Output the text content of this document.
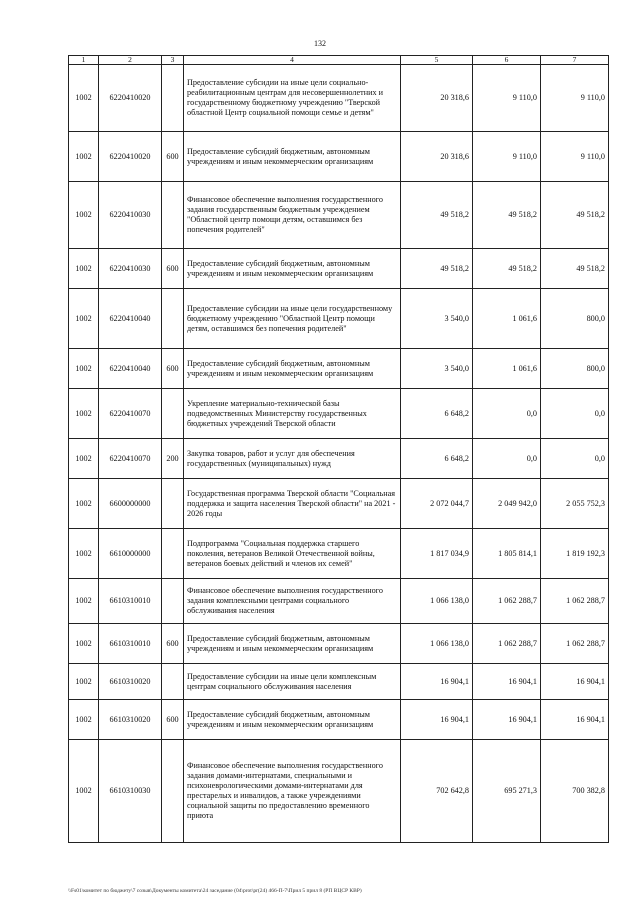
132
1	2	3	4	5	6	7
1002	6220410020		Предоставление субсидии на иные цели социально-реабилитационным центрам для несовершеннолетних и государственному бюджетному учреждению "Тверской областной Центр социальной помощи семье и детям"	20 318,6	9 110,0	9 110,0
1002	6220410020	600	Предоставление субсидий бюджетным, автономным учреждениям и иным некоммерческим организациям	20 318,6	9 110,0	9 110,0
1002	6220410030		Финансовое обеспечение выполнения государственного задания государственным бюджетным учреждением "Областной центр помощи детям, оставшимся без попечения родителей"	49 518,2	49 518,2	49 518,2
1002	6220410030	600	Предоставление субсидий бюджетным, автономным учреждениям и иным некоммерческим организациям	49 518,2	49 518,2	49 518,2
1002	6220410040		Предоставление субсидии на иные цели государственному бюджетному учреждению "Областной Центр помощи детям, оставшимся без попечения родителей"	3 540,0	1 061,6	800,0
1002	6220410040	600	Предоставление субсидий бюджетным, автономным учреждениям и иным некоммерческим организациям	3 540,0	1 061,6	800,0
1002	6220410070		Укрепление материально-технической базы подведомственных Министерству государственных бюджетных учреждений Тверской области	6 648,2	0,0	0,0
1002	6220410070	200	Закупка товаров, работ и услуг для обеспечения государственных (муниципальных) нужд	6 648,2	0,0	0,0
1002	6600000000		Государственная программа Тверской области "Социальная поддержка и защита населения Тверской области" на 2021 - 2026 годы	2 072 044,7	2 049 942,0	2 055 752,3
1002	6610000000		Подпрограмма "Социальная поддержка старшего поколения, ветеранов Великой Отечественной войны, ветеранов боевых действий и членов их семей"	1 817 034,9	1 805 814,1	1 819 192,3
1002	6610310010		Финансовое обеспечение выполнения государственного задания комплексными центрами социального обслуживания населения	1 066 138,0	1 062 288,7	1 062 288,7
1002	6610310010	600	Предоставление субсидий бюджетным, автономным учреждениям и иным некоммерческим организациям	1 066 138,0	1 062 288,7	1 062 288,7
1002	6610310020		Предоставление субсидии на иные цели комплексным центрам социального обслуживания населения	16 904,1	16 904,1	16 904,1
1002	6610310020	600	Предоставление субсидий бюджетным, автономным учреждениям и иным некоммерческим организациям	16 904,1	16 904,1	16 904,1
1002	6610310030		Финансовое обеспечение выполнения государственного задания домами-интернатами, специальными и психоневрологическими домами-интернатами для престарелых и инвалидов, а также учреждениями социальной защиты по предоставлению временного приюта	702 642,8	695 271,3	700 382,8
\\Fs01\комитет по бюджету\7 созыв\Документы комитета\24 заседание (04\prot\pr(24) 466-П-7\Прил 5 прил 8 (РП ВЦСР КВР)
